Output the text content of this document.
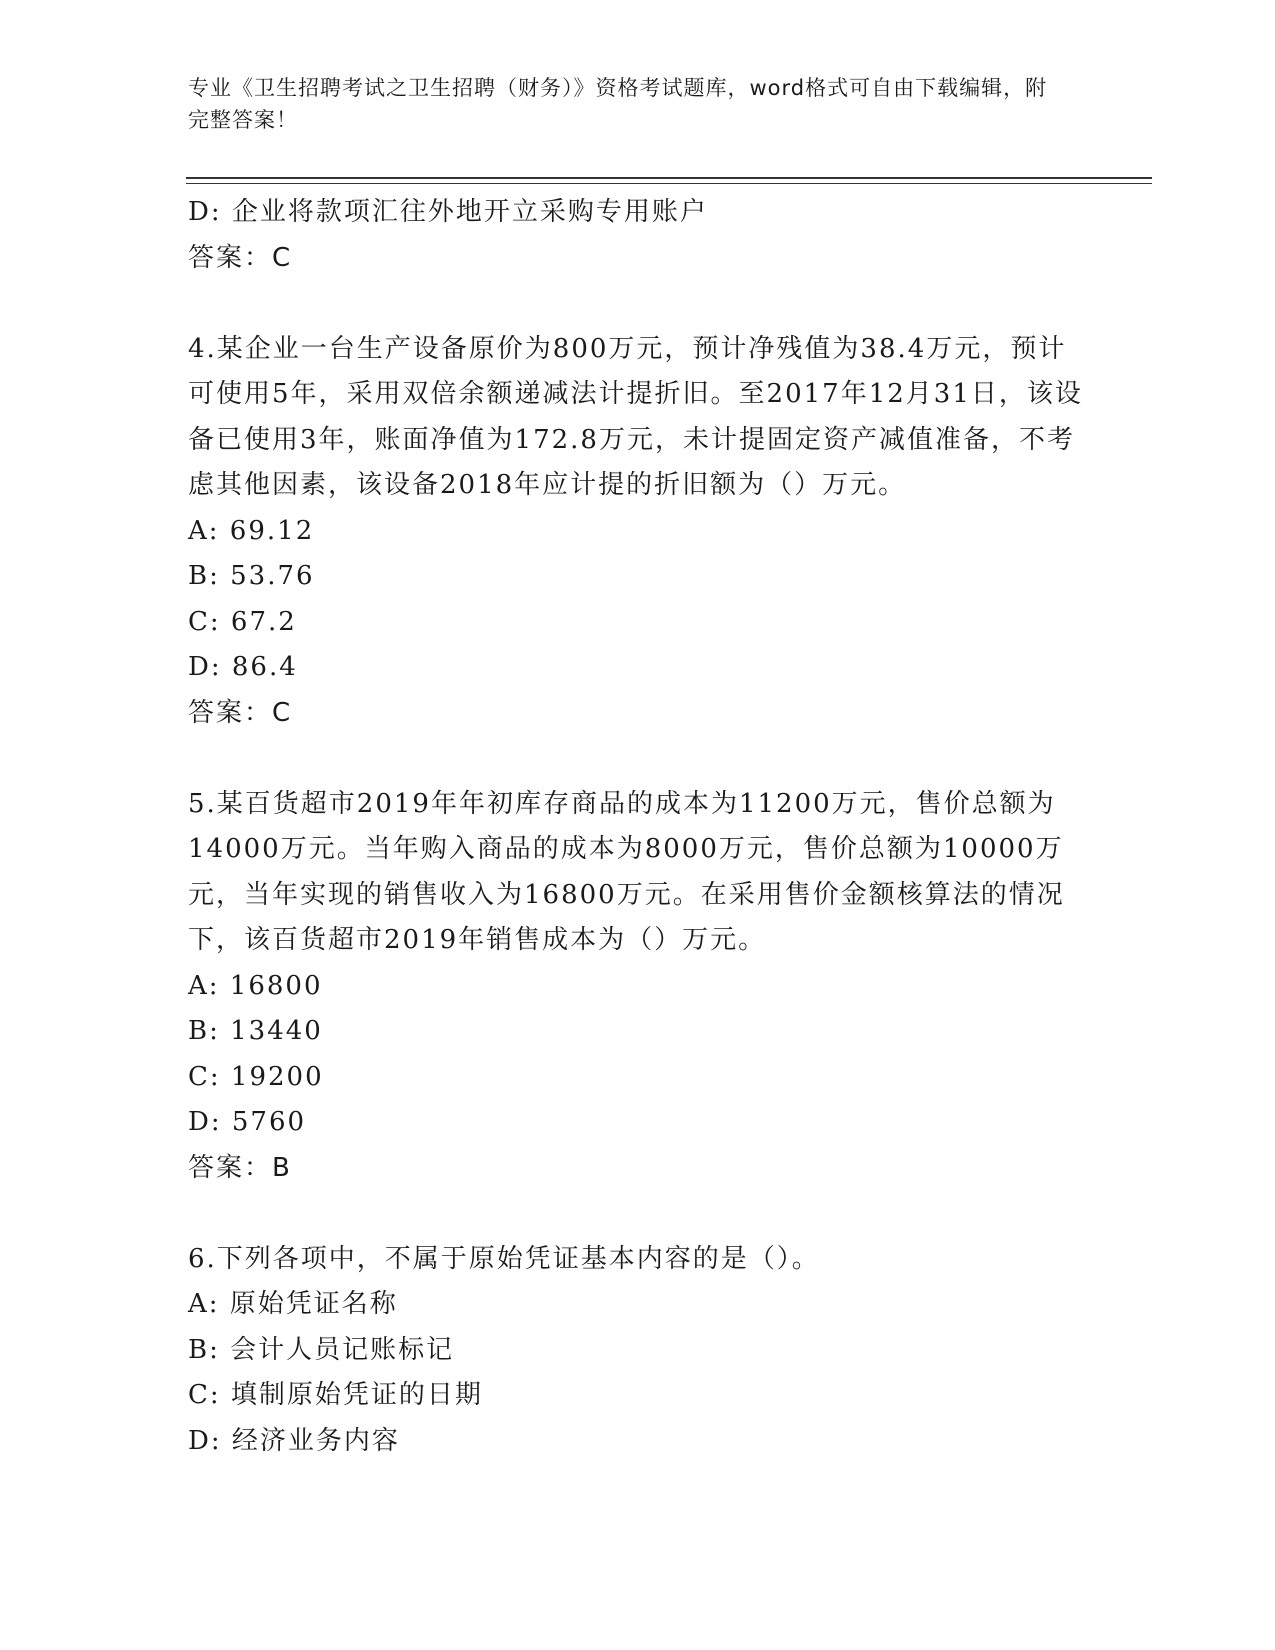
专业《卫生招聘考试之卫生招聘（财务）》资格考试题库，word格式可自由下载编辑，附完整答案！
D: 企业将款项汇往外地开立采购专用账户
答案：C
4.某企业一台生产设备原价为800万元，预计净残值为38.4万元，预计可使用5年，采用双倍余额递减法计提折旧。至2017年12月31日，该设备已使用3年，账面净值为172.8万元，未计提固定资产减值准备，不考虑其他因素，该设备2018年应计提的折旧额为（）万元。
A: 69.12
B: 53.76
C: 67.2
D: 86.4
答案：C
5.某百货超市2019年年初库存商品的成本为11200万元，售价总额为14000万元。当年购入商品的成本为8000万元，售价总额为10000万元，当年实现的销售收入为16800万元。在采用售价金额核算法的情况下，该百货超市2019年销售成本为（）万元。
A: 16800
B: 13440
C: 19200
D: 5760
答案：B
6.下列各项中，不属于原始凭证基本内容的是（）。
A: 原始凭证名称
B: 会计人员记账标记
C: 填制原始凭证的日期
D: 经济业务内容
